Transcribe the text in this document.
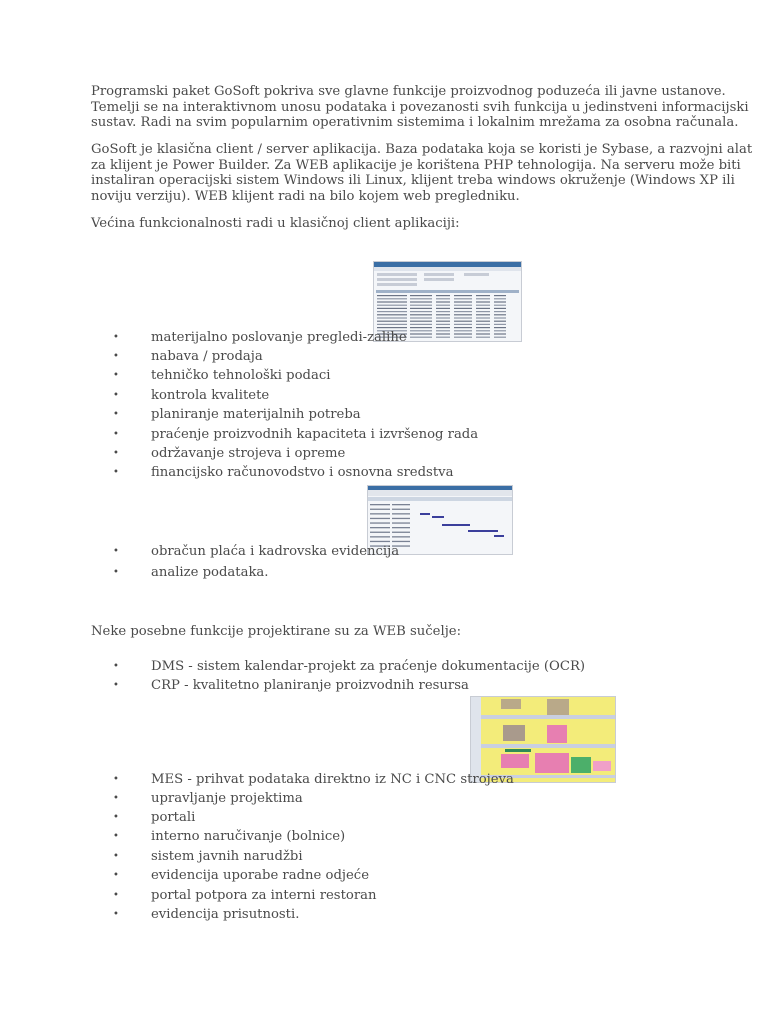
Programski paket GoSoft pokriva sve glavne funkcije proizvodnog poduzeća ili javne ustanove.
Temelji se na interaktivnom unosu podataka i povezanosti svih funkcija u jedinstveni informacijski
sustav. Radi na svim popularnim operativnim sistemima i lokalnim mrežama za osobna računala.

GoSoft je klasična client / server aplikacija. Baza podataka koja se koristi je Sybase, a razvojni alat
za klijent je Power Builder. Za WEB aplikacije je korištena PHP tehnologija. Na serveru može biti
instaliran operacijski sistem Windows ili Linux, klijent treba windows okruženje (Windows XP ili
noviju verziju). WEB klijent radi na bilo kojem web pregledniku.

Većina funkcionalnosti radi u klasičnoj client aplikaciji:

•	materijalno poslovanje pregledi-zalihe
•	nabava / prodaja
•	tehničko tehnološki podaci
•	kontrola kvalitete
•	planiranje materijalnih potreba
•	praćenje proizvodnih kapaciteta i izvršenog rada
•	održavanje strojeva i opreme
•	financijsko računovodstvo i osnovna sredstva
•	obračun plaća i kadrovska evidencija
•	analize podataka.

Neke posebne funkcije projektirane su za WEB sučelje:

•	DMS - sistem kalendar-projekt za praćenje dokumentacije (OCR)
•	CRP - kvalitetno planiranje proizvodnih resursa
•	MES - prihvat podataka direktno iz NC i CNC strojeva
•	upravljanje projektima
•	portali
•	interno naručivanje (bolnice)
•	sistem javnih narudžbi
•	evidencija uporabe radne odjeće
•	portal potpora za interni restoran
•	evidencija prisutnosti.
